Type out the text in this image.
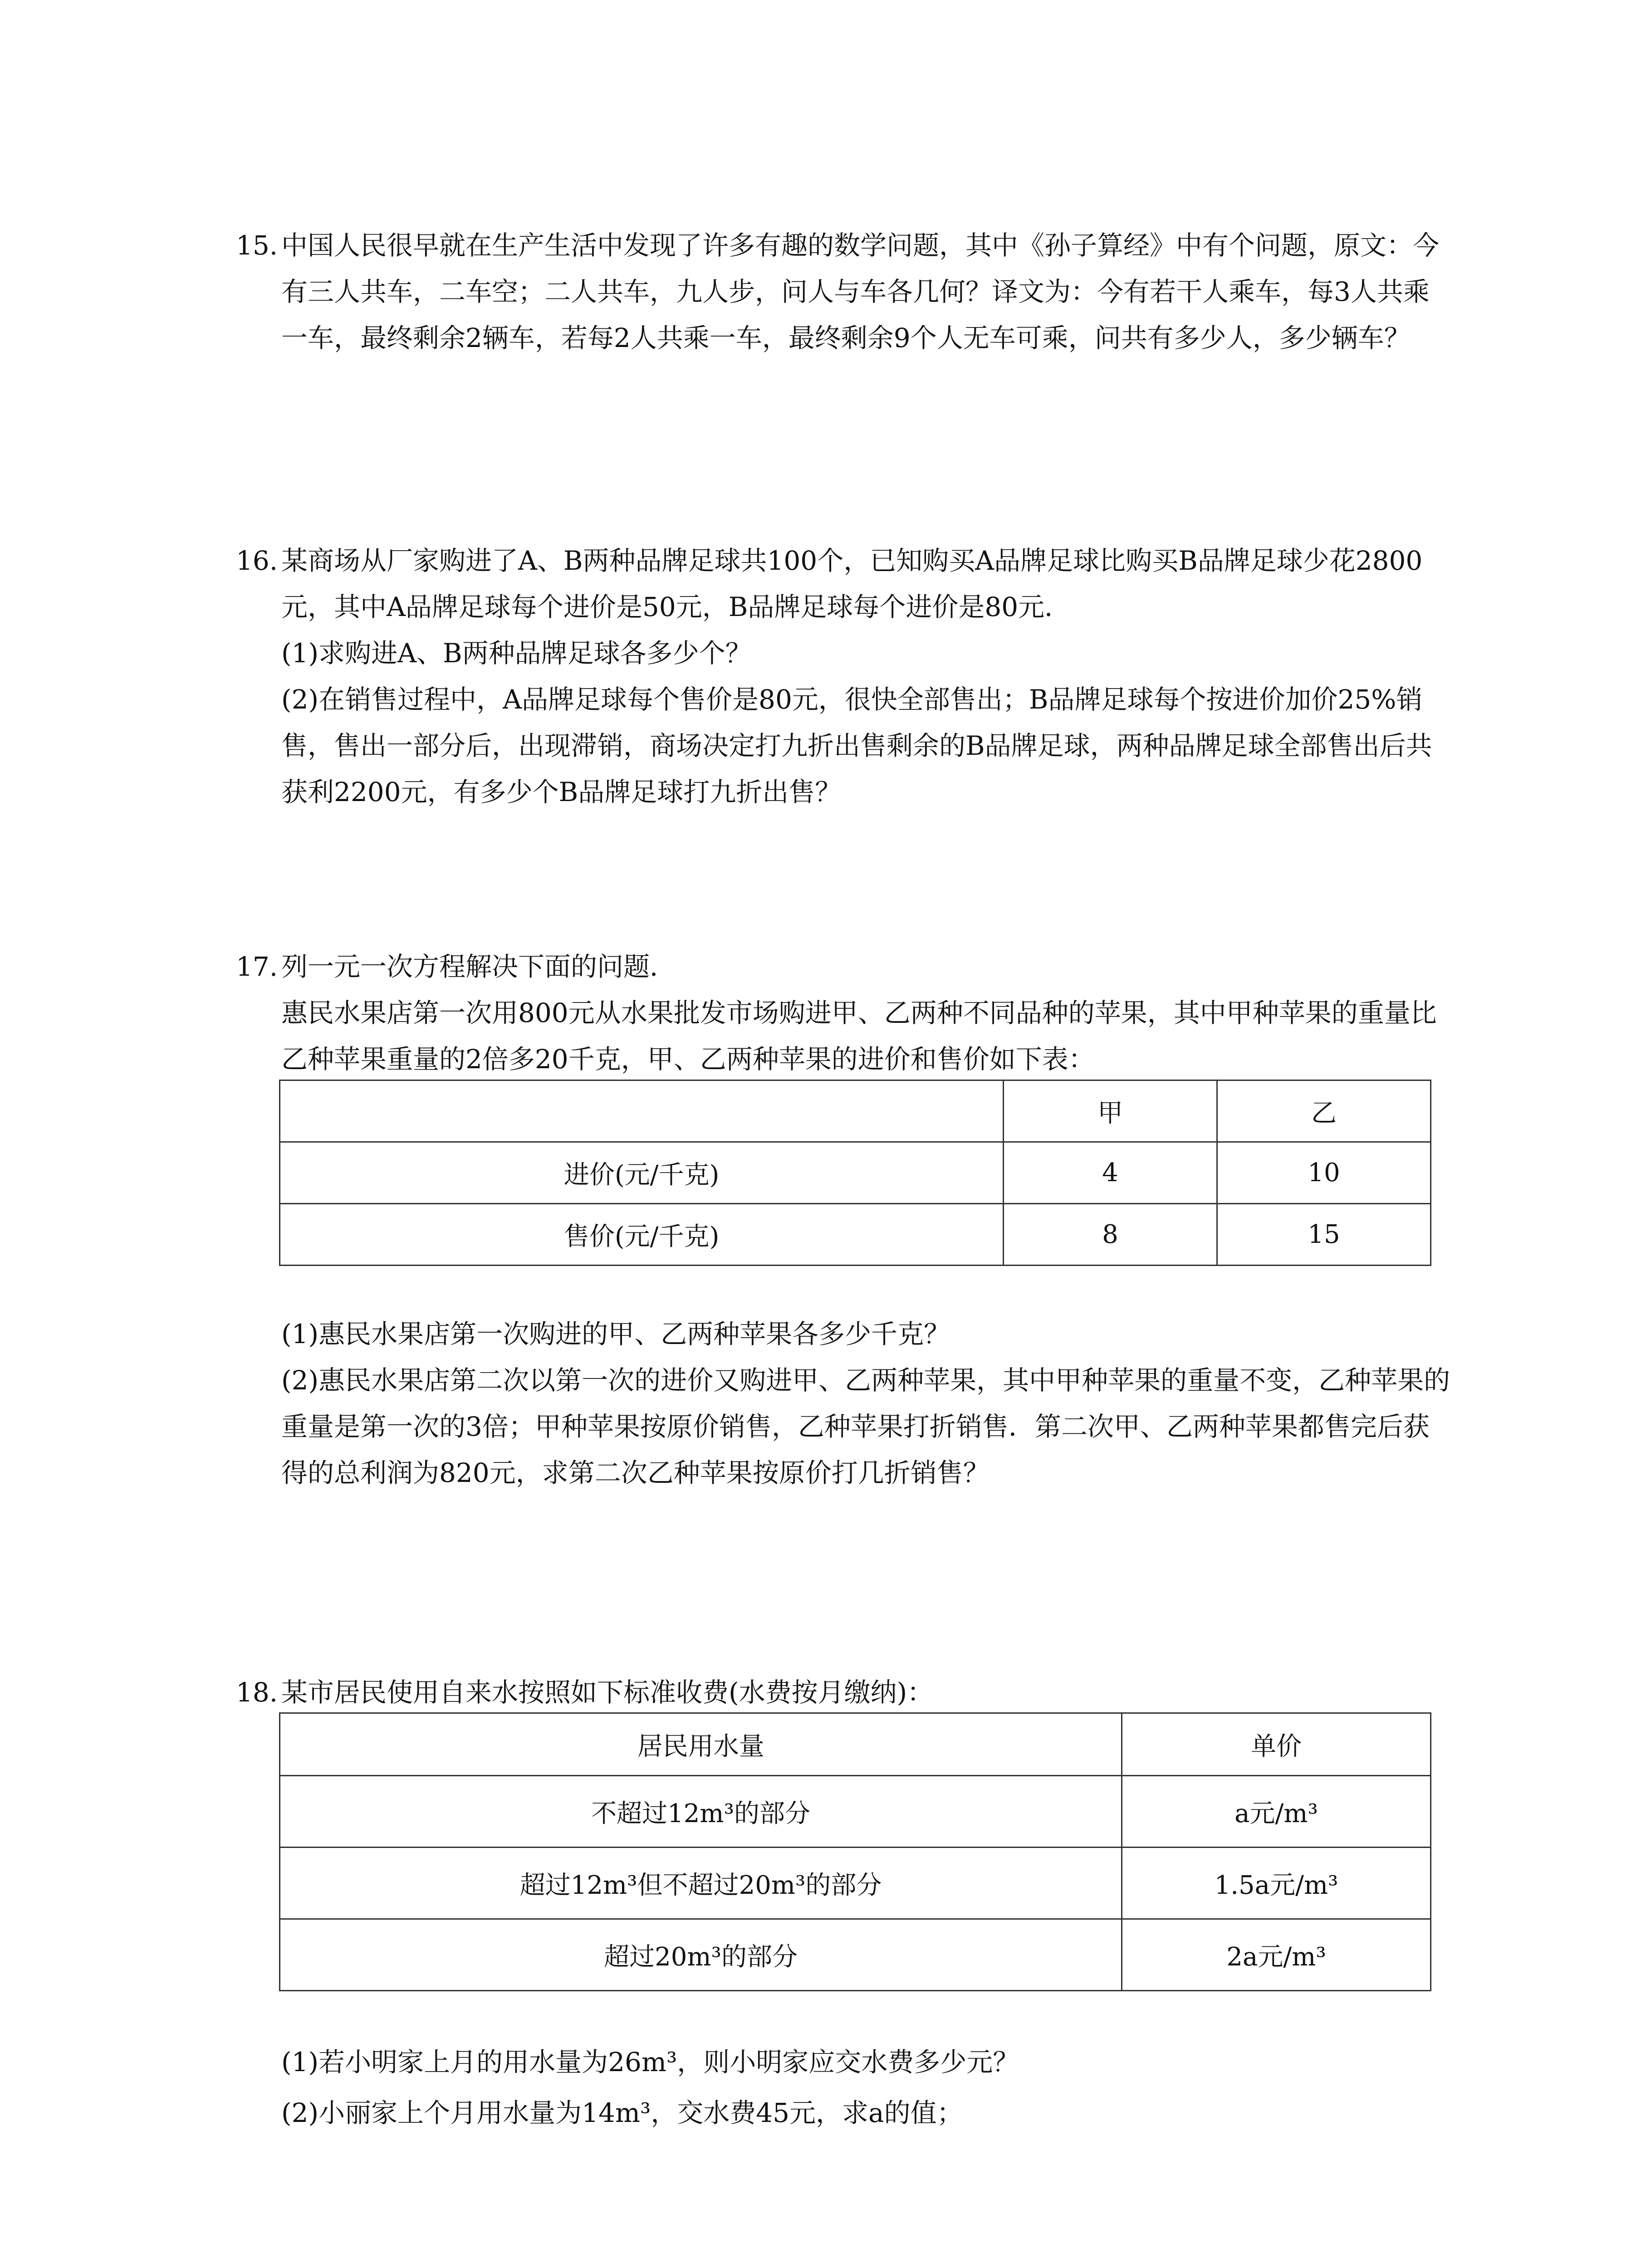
15. 中国人民很早就在生产生活中发现了许多有趣的数学问题，其中《孙子算经》中有个问题，原文：今有三人共车，二车空；二人共车，九人步，问人与车各几何？译文为：今有若干人乘车，每3人共乘一车，最终剩余2辆车，若每2人共乘一车，最终剩余9个人无车可乘，问共有多少人，多少辆车？
16. 某商场从厂家购进了A、B两种品牌足球共100个，已知购买A品牌足球比购买B品牌足球少花2800元，其中A品牌足球每个进价是50元，B品牌足球每个进价是80元．
(1)求购进A、B两种品牌足球各多少个？
(2)在销售过程中，A品牌足球每个售价是80元，很快全部售出；B品牌足球每个按进价加价25%销售，售出一部分后，出现滞销，商场决定打九折出售剩余的B品牌足球，两种品牌足球全部售出后共获利2200元，有多少个B品牌足球打九折出售？
17. 列一元一次方程解决下面的问题．
惠民水果店第一次用800元从水果批发市场购进甲、乙两种不同品种的苹果，其中甲种苹果的重量比乙种苹果重量的2倍多20千克，甲、乙两种苹果的进价和售价如下表：
	甲	乙
进价(元/千克)	4	10
售价(元/千克)	8	15
(1)惠民水果店第一次购进的甲、乙两种苹果各多少千克？
(2)惠民水果店第二次以第一次的进价又购进甲、乙两种苹果，其中甲种苹果的重量不变，乙种苹果的重量是第一次的3倍；甲种苹果按原价销售，乙种苹果打折销售．第二次甲、乙两种苹果都售完后获得的总利润为820元，求第二次乙种苹果按原价打几折销售？
18. 某市居民使用自来水按照如下标准收费(水费按月缴纳)：
居民用水量	单价
不超过12m³的部分	a元/m³
超过12m³但不超过20m³的部分	1.5a元/m³
超过20m³的部分	2a元/m³
(1)若小明家上月的用水量为26m³，则小明家应交水费多少元？
(2)小丽家上个月用水量为14m³，交水费45元，求a的值；
